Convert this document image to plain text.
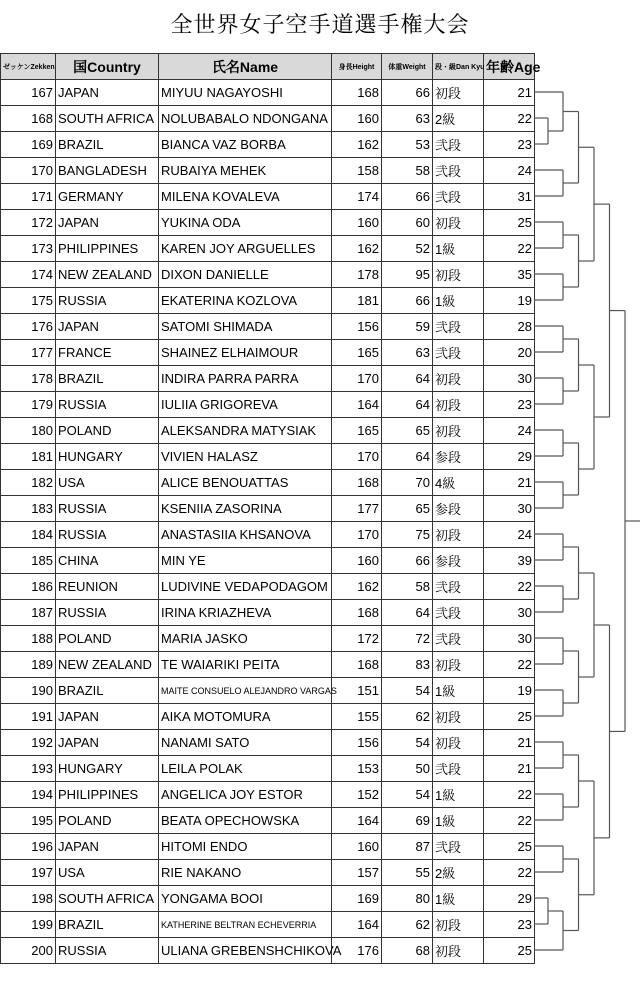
全世界女子空手道選手権大会
ゼッケンZekken	国Country	氏名Name	身長Height	体重Weight	段・級Dan Kyu	年齢Age
167	JAPAN	MIYUU NAGAYOSHI	168	66	初段	21
168	SOUTH AFRICA	NOLUBABALO NDONGANA	160	63	2級	22
169	BRAZIL	BIANCA VAZ BORBA	162	53	弐段	23
170	BANGLADESH	RUBAIYA MEHEK	158	58	弐段	24
171	GERMANY	MILENA KOVALEVA	174	66	弐段	31
172	JAPAN	YUKINA ODA	160	60	初段	25
173	PHILIPPINES	KAREN JOY ARGUELLES	162	52	1級	22
174	NEW ZEALAND	DIXON DANIELLE	178	95	初段	35
175	RUSSIA	EKATERINA KOZLOVA	181	66	1級	19
176	JAPAN	SATOMI SHIMADA	156	59	弐段	28
177	FRANCE	SHAINEZ ELHAIMOUR	165	63	弐段	20
178	BRAZIL	INDIRA PARRA PARRA	170	64	初段	30
179	RUSSIA	IULIIA GRIGOREVA	164	64	初段	23
180	POLAND	ALEKSANDRA MATYSIAK	165	65	初段	24
181	HUNGARY	VIVIEN HALASZ	170	64	参段	29
182	USA	ALICE BENOUATTAS	168	70	4級	21
183	RUSSIA	KSENIIA ZASORINA	177	65	参段	30
184	RUSSIA	ANASTASIIA KHSANOVA	170	75	初段	24
185	CHINA	MIN YE	160	66	参段	39
186	REUNION	LUDIVINE VEDAPODAGOM	162	58	弐段	22
187	RUSSIA	IRINA KRIAZHEVA	168	64	弐段	30
188	POLAND	MARIA JASKO	172	72	弐段	30
189	NEW ZEALAND	TE WAIARIKI PEITA	168	83	初段	22
190	BRAZIL	MAITE CONSUELO ALEJANDRO VARGAS	151	54	1級	19
191	JAPAN	AIKA MOTOMURA	155	62	初段	25
192	JAPAN	NANAMI SATO	156	54	初段	21
193	HUNGARY	LEILA POLAK	153	50	弐段	21
194	PHILIPPINES	ANGELICA JOY ESTOR	152	54	1級	22
195	POLAND	BEATA OPECHOWSKA	164	69	1級	22
196	JAPAN	HITOMI ENDO	160	87	弐段	25
197	USA	RIE NAKANO	157	55	2級	22
198	SOUTH AFRICA	YONGAMA BOOI	169	80	1級	29
199	BRAZIL	KATHERINE BELTRAN ECHEVERRIA	164	62	初段	23
200	RUSSIA	ULIANA GREBENSHCHIKOVA	176	68	初段	25
